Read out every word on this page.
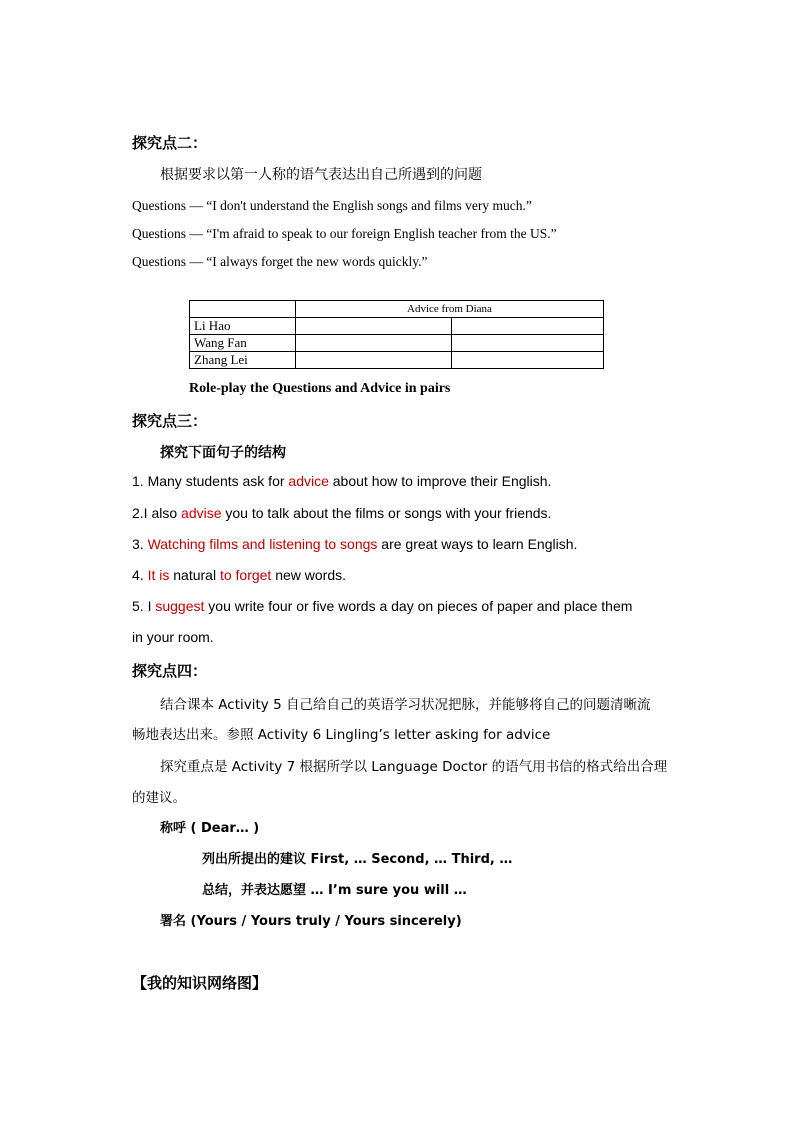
探究点二：
根据要求以第一人称的语气表达出自己所遇到的问题
Questions — “I don't understand the English songs and films very much.”
Questions — “I'm afraid to speak to our foreign English teacher from the US.”
Questions — “I always forget the new words quickly.”
	Advice from Diana	
Li Hao		
Wang Fan		
Zhang Lei		
Role-play the Questions and Advice in pairs
探究点三：
探究下面句子的结构
1. Many students ask for advice about how to improve their English.
2.I also advise you to talk about the films or songs with your friends.
3. Watching films and listening to songs are great ways to learn English.
4. It is natural to forget new words.
5. I suggest you write four or five words a day on pieces of paper and place them
in your room.
探究点四：
结合课本 Activity 5 自己给自己的英语学习状况把脉，并能够将自己的问题清晰流
畅地表达出来。参照 Activity 6 Lingling’s letter asking for advice
探究重点是 Activity 7 根据所学以 Language Doctor 的语气用书信的格式给出合理
的建议。
称呼 ( Dear… )
列出所提出的建议 First, … Second, … Third, …
总结，并表达愿望 … I’m sure you will …
署名 (Yours / Yours truly / Yours sincerely)
【我的知识网络图】
